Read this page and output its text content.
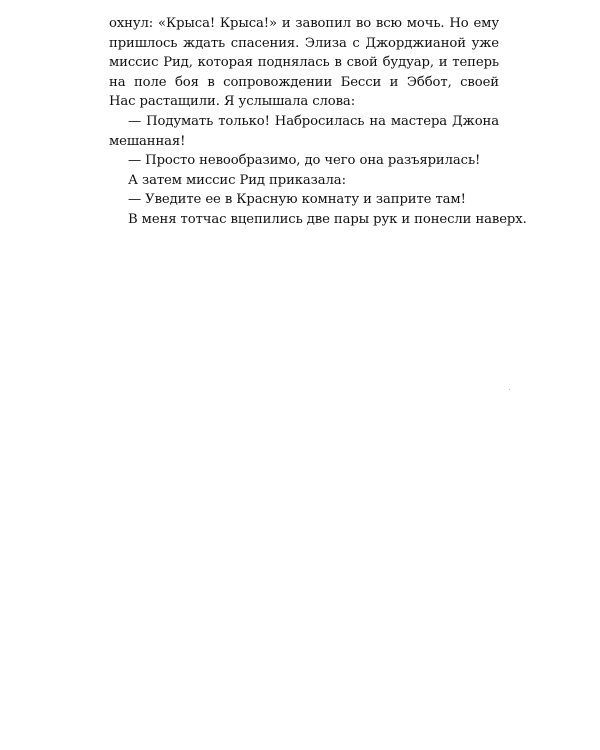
охнул: «Крыса! Крыса!» и завопил во всю мочь. Но ему
пришлось ждать спасения. Элиза с Джорджианой уже
миссис Рид, которая поднялась в свой будуар, и теперь
на поле боя в сопровождении Бесси и Эббот, своей
Нас растащили. Я услышала слова:
— Подумать только! Набросилась на мастера Джона
мешанная!
— Просто невообразимо, до чего она разъярилась!
А затем миссис Рид приказала:
— Уведите ее в Красную комнату и заприте там!
В меня тотчас вцепились две пары рук и понесли наверх.
